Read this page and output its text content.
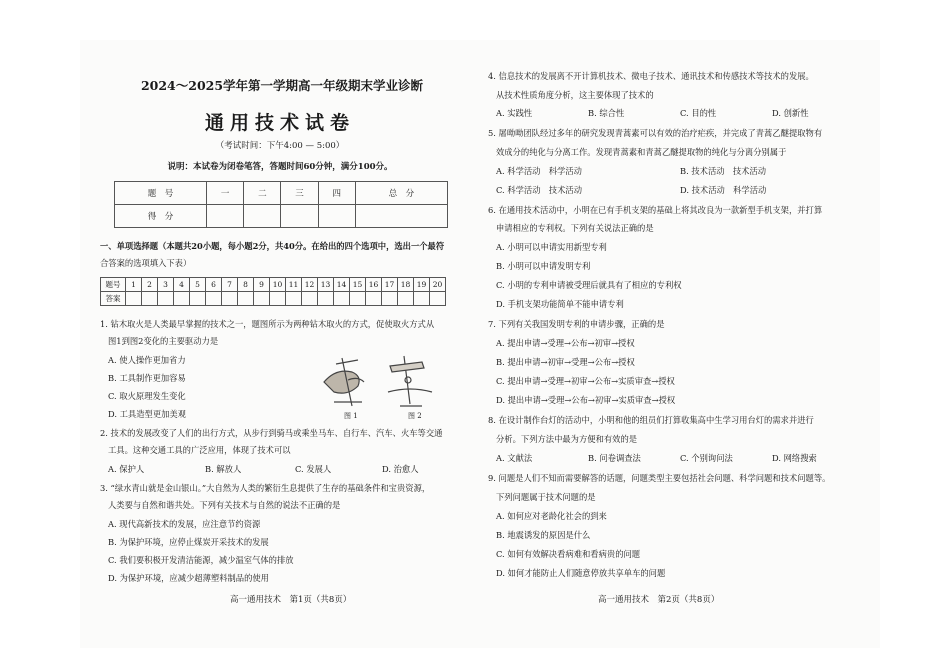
2024～2025学年第一学期高一年级期末学业诊断
通用技术试卷
（考试时间：下午4:00 — 5:00）
说明：本试卷为闭卷笔答，答题时间60分钟，满分100分。
题　号	一	二	三	四	总　分
得　分					
一、单项选择题（本题共20小题，每小题2分，共40分。在给出的四个选项中，选出一个最符
合答案的选项填入下表）
题号	1	2	3	4	5	6	7	8	9	10	11	12	13	14	15	16	17	18	19	20
答案																				
1. 钻木取火是人类最早掌握的技术之一，题图所示为两种钻木取火的方式，促使取火方式从
图1到图2变化的主要驱动力是
A. 使人操作更加省力
B. 工具制作更加容易
C. 取火原理发生变化
D. 工具造型更加美观	图 1	图 2
2. 技术的发展改变了人们的出行方式，从步行到骑马或乘坐马车、自行车、汽车、火车等交通
工具。这种交通工具的广泛应用，体现了技术可以
A. 保护人	B. 解放人	C. 发展人	D. 治愈人
3. “绿水青山就是金山银山。”大自然为人类的繁衍生息提供了生存的基础条件和宝贵资源，
人类要与自然和谐共处。下列有关技术与自然的说法不正确的是
A. 现代高新技术的发展，应注意节约资源
B. 为保护环境，应停止煤炭开采技术的发展
C. 我们要积极开发清洁能源，减少温室气体的排放
D. 为保护环境，应减少超薄塑料制品的使用
高一通用技术　第1页（共8页）
4. 信息技术的发展离不开计算机技术、微电子技术、通讯技术和传感技术等技术的发展。
从技术性质角度分析，这主要体现了技术的
A. 实践性	B. 综合性	C. 目的性	D. 创新性
5. 屠呦呦团队经过多年的研究发现青蒿素可以有效的治疗疟疾，并完成了青蒿乙醚提取物有
效成分的纯化与分离工作。发现青蒿素和青蒿乙醚提取物的纯化与分离分别属于
A. 科学活动　科学活动	B. 技术活动　技术活动
C. 科学活动　技术活动	D. 技术活动　科学活动
6. 在通用技术活动中，小明在已有手机支架的基础上将其改良为一款新型手机支架，并打算
申请相应的专利权。下列有关说法正确的是
A. 小明可以申请实用新型专利
B. 小明可以申请发明专利
C. 小明的专利申请被受理后就具有了相应的专利权
D. 手机支架功能简单不能申请专利
7. 下列有关我国发明专利的申请步骤，正确的是
A. 提出申请→受理→公布→初审→授权
B. 提出申请→初审→受理→公布→授权
C. 提出申请→受理→初审→公布→实质审查→授权
D. 提出申请→受理→公布→初审→实质审查→授权
8. 在设计制作台灯的活动中，小明和他的组员们打算收集高中生学习用台灯的需求并进行
分析。下列方法中最为方便和有效的是
A. 文献法	B. 问卷调查法	C. 个别询问法	D. 网络搜索
9. 问题是人们不知而需要解答的话题，问题类型主要包括社会问题、科学问题和技术问题等。
下列问题属于技术问题的是
A. 如何应对老龄化社会的到来
B. 地震诱发的原因是什么
C. 如何有效解决看病难和看病贵的问题
D. 如何才能防止人们随意停放共享单车的问题
高一通用技术　第2页（共8页）
